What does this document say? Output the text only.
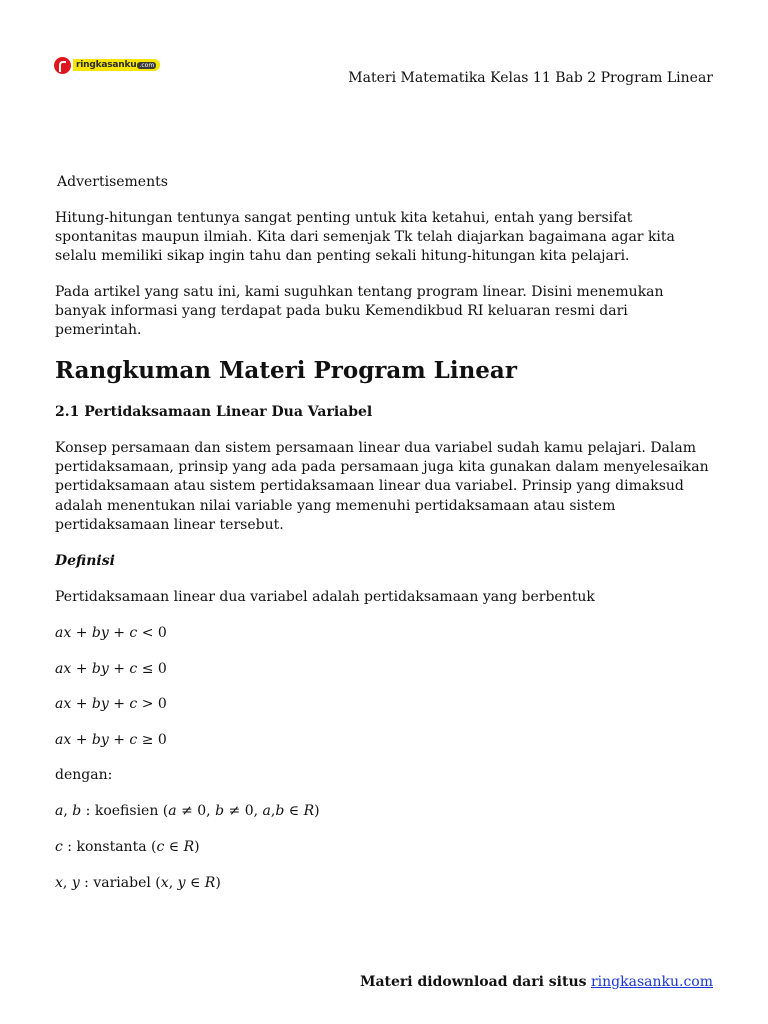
ringkasanku .com
Materi Matematika Kelas 11 Bab 2 Program Linear

Advertisements

Hitung-hitungan tentunya sangat penting untuk kita ketahui, entah yang bersifat spontanitas maupun ilmiah. Kita dari semenjak Tk telah diajarkan bagaimana agar kita selalu memiliki sikap ingin tahu dan penting sekali hitung-hitungan kita pelajari.

Pada artikel yang satu ini, kami suguhkan tentang program linear. Disini menemukan banyak informasi yang terdapat pada buku Kemendikbud RI keluaran resmi dari pemerintah.

Rangkuman Materi Program Linear

2.1 Pertidaksamaan Linear Dua Variabel

Konsep persamaan dan sistem persamaan linear dua variabel sudah kamu pelajari. Dalam pertidaksamaan, prinsip yang ada pada persamaan juga kita gunakan dalam menyelesaikan pertidaksamaan atau sistem pertidaksamaan linear dua variabel. Prinsip yang dimaksud adalah menentukan nilai variable yang memenuhi pertidaksamaan atau sistem pertidaksamaan linear tersebut.

Definisi

Pertidaksamaan linear dua variabel adalah pertidaksamaan yang berbentuk

ax + by + c < 0

ax + by + c ≤ 0

ax + by + c > 0

ax + by + c ≥ 0

dengan:

a, b : koefisien (a ≠ 0, b ≠ 0, a,b ∈ R)

c : konstanta (c ∈ R)

x, y : variabel (x, y ∈ R)

Materi didownload dari situs ringkasanku.com
